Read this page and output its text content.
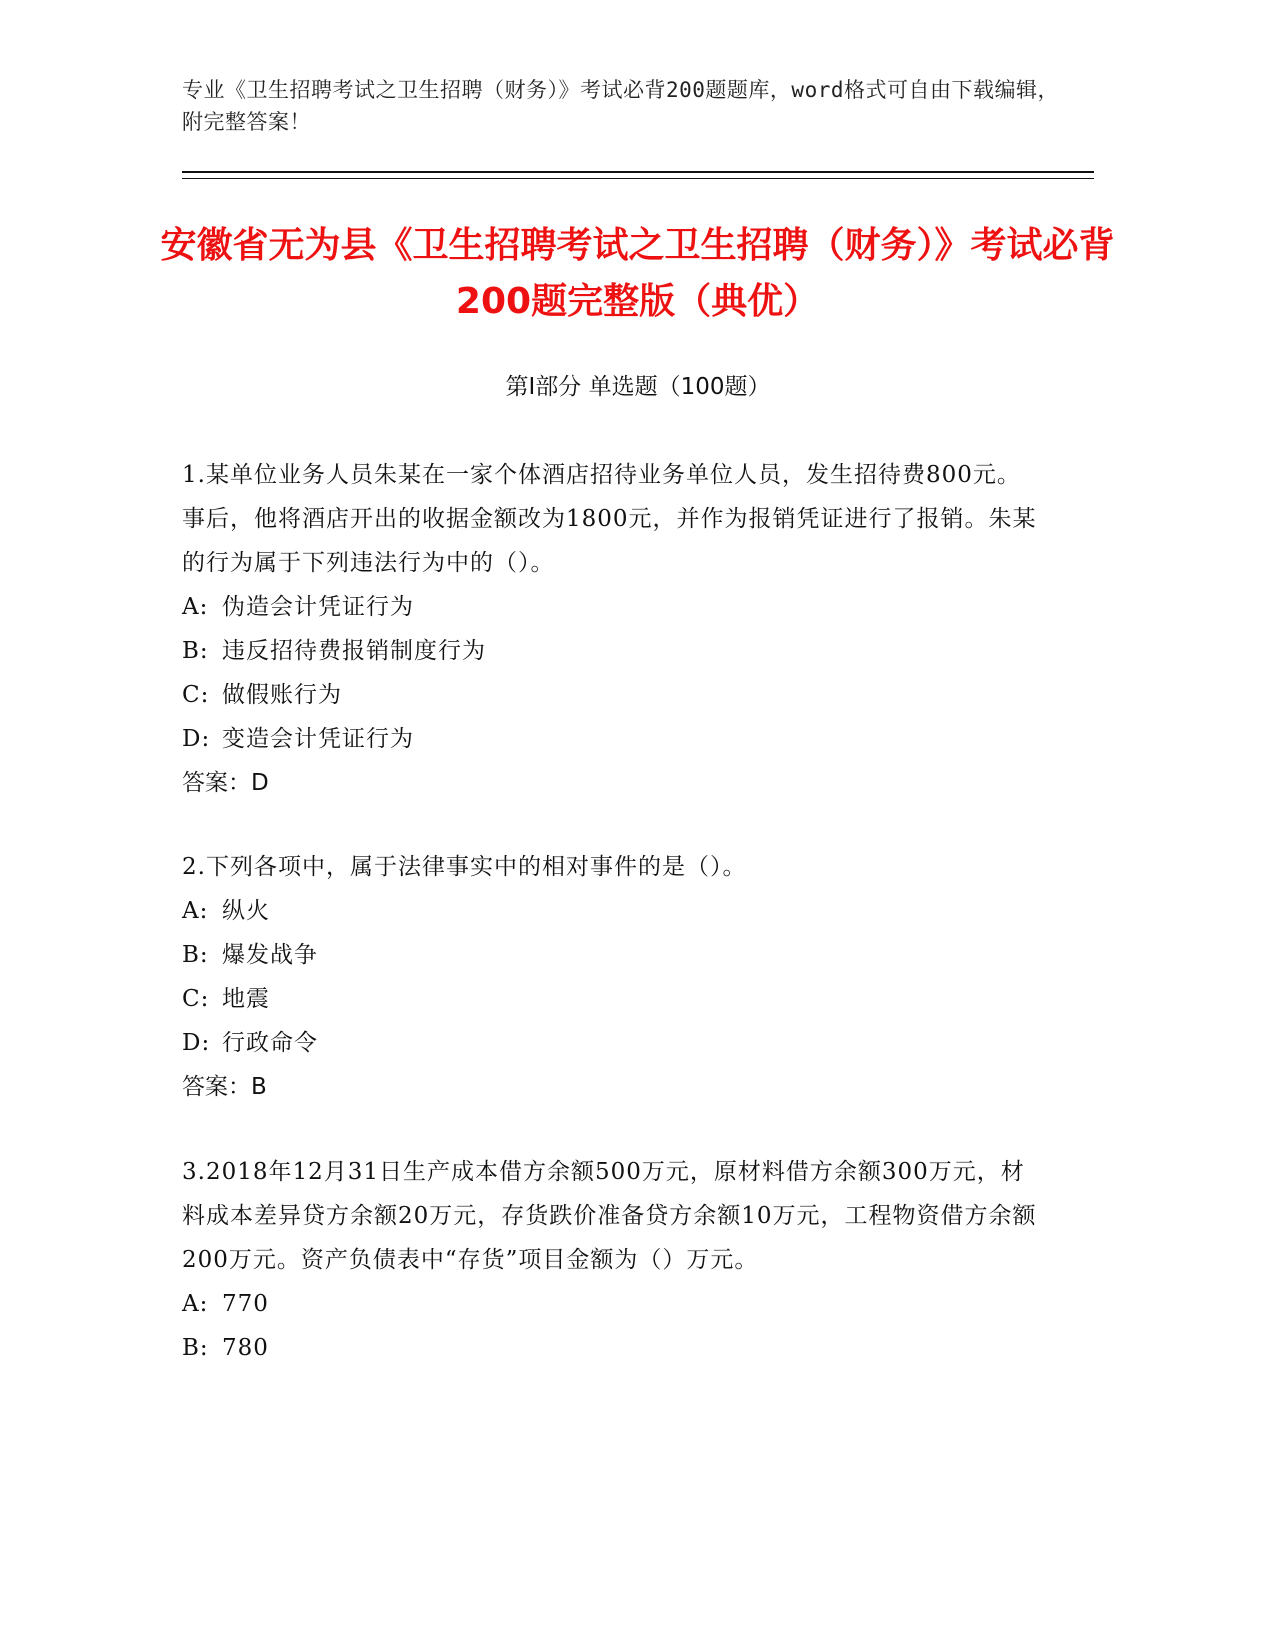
专业《卫生招聘考试之卫生招聘（财务）》考试必背200题题库，word格式可自由下载编辑，附完整答案！
安徽省无为县《卫生招聘考试之卫生招聘（财务）》考试必背200题完整版（典优）
第I部分 单选题（100题）

1.某单位业务人员朱某在一家个体酒店招待业务单位人员，发生招待费800元。事后，他将酒店开出的收据金额改为1800元，并作为报销凭证进行了报销。朱某的行为属于下列违法行为中的（）。

A: 伪造会计凭证行为

B: 违反招待费报销制度行为

C: 做假账行为

D: 变造会计凭证行为

答案：D

2.下列各项中，属于法律事实中的相对事件的是（）。

A: 纵火

B: 爆发战争

C: 地震

D: 行政命令

答案：B

3.2018年12月31日生产成本借方余额500万元，原材料借方余额300万元，材料成本差异贷方余额20万元，存货跌价准备贷方余额10万元，工程物资借方余额200万元。资产负债表中“存货”项目金额为（）万元。

A: 770

B: 780
